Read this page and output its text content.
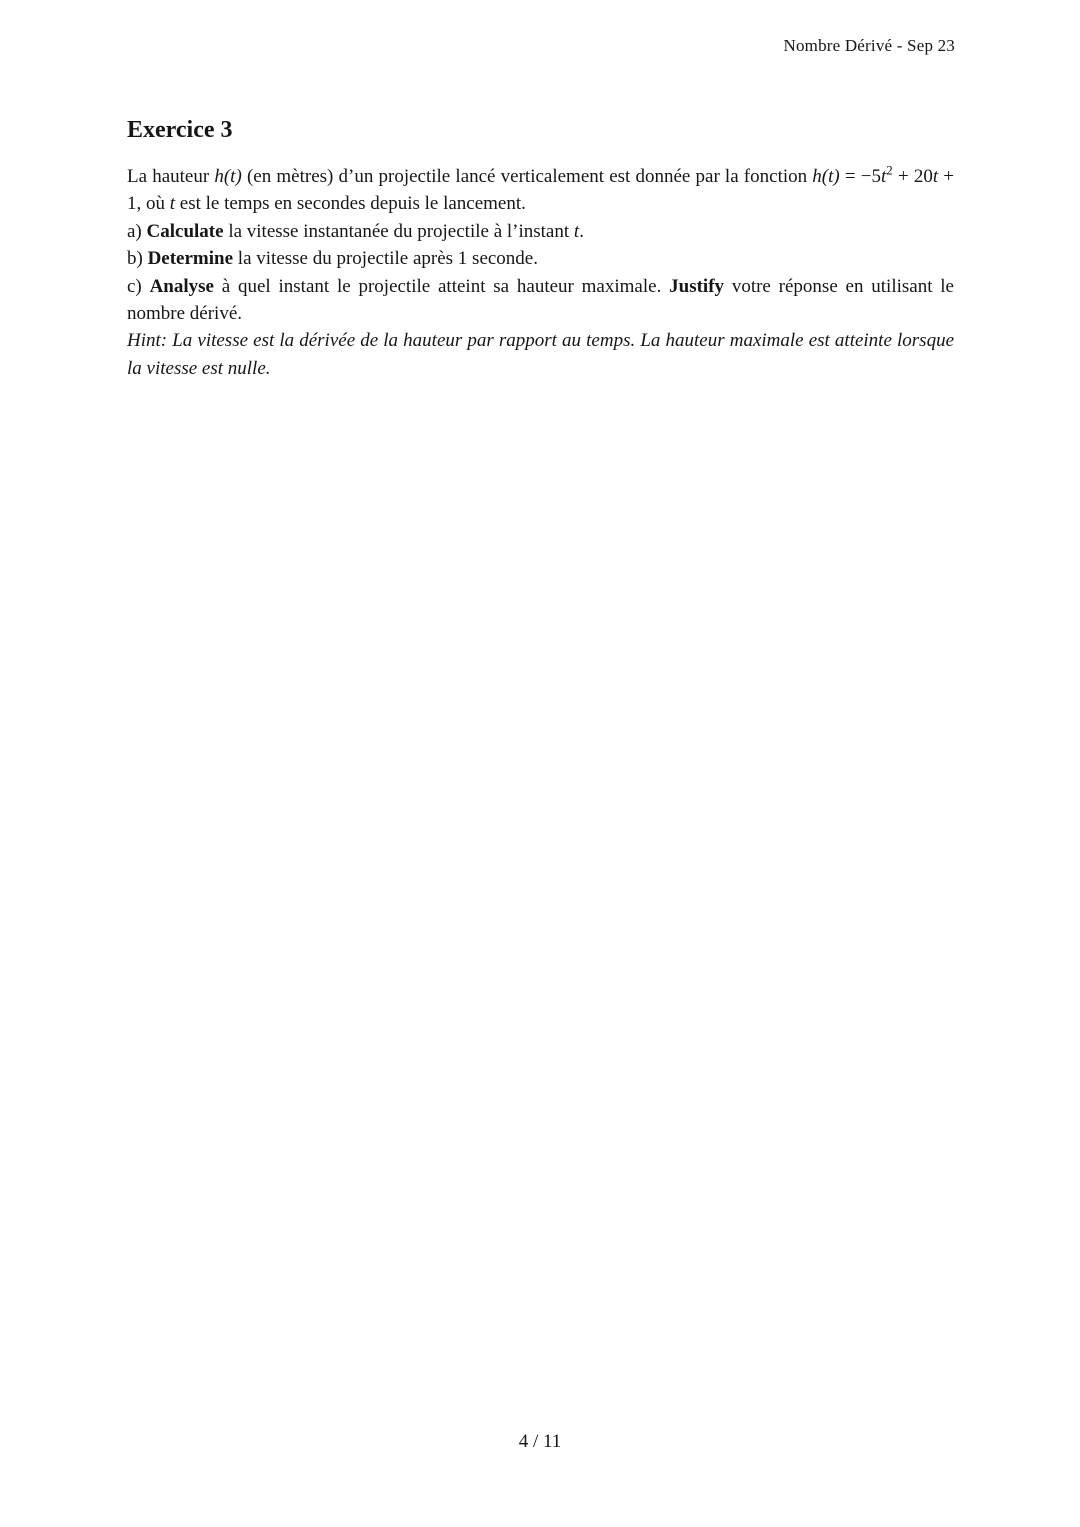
Nombre Dérivé - Sep 23
Exercice 3
La hauteur h(t) (en mètres) d’un projectile lancé verticalement est donnée par la fonction $h(t) = -5t^2 + 20t + 1$, où t est le temps en secondes depuis le lancement.
a) Calculate la vitesse instantanée du projectile à l’instant t.
b) Determine la vitesse du projectile après 1 seconde.
c) Analyse à quel instant le projectile atteint sa hauteur maximale. Justify votre réponse en utilisant le nombre dérivé.
Hint: La vitesse est la dérivée de la hauteur par rapport au temps. La hauteur maximale est atteinte lorsque la vitesse est nulle.
4 / 11
